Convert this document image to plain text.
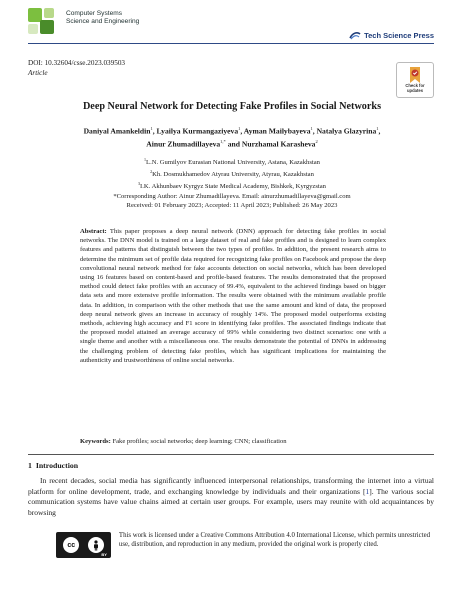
Computer Systems
Science and Engineering
Tech Science Press
DOI: 10.32604/csse.2023.039503
Article
Check for
updates
Deep Neural Network for Detecting Fake Profiles in Social Networks
Daniyal Amankeldin$^1$, Lyailya Kurmangaziyeva$^1$, Ayman Mailybayeva$^1$, Natalya Glazyrina$^1$,
Ainur Zhumadillayeva$^{1,*}$ and Nurzhamal Karasheva$^2$
$^1$L.N. Gumilyov Eurasian National University, Astana, Kazakhstan
$^2$Kh. Dosmukhamedov Atyrau University, Atyrau, Kazakhstan
$^3$I.K. Akhunbaev Kyrgyz State Medical Academy, Bishkek, Kyrgyzstan
*Corresponding Author: Ainur Zhumadillayeva. Email: ainurzhumadillayeva@gmail.com
Received: 01 February 2023; Accepted: 11 April 2023; Published: 26 May 2023
Abstract: This paper proposes a deep neural network (DNN) approach for detecting fake profiles in social networks. The DNN model is trained on a large dataset of real and fake profiles and is designed to learn complex features and patterns that distinguish between the two types of profiles. In addition, the present research aims to determine the minimum set of profile data required for recognizing fake profiles on Facebook and propose the deep convolutional neural network method for fake accounts detection on social networks, which has been developed using 16 features based on content-based and profile-based features. The results demonstrated that the proposed method could detect fake profiles with an accuracy of 99.4%, equivalent to the achieved findings based on bigger data sets and more extensive profile information. The results were obtained with the minimum available profile data. In addition, in comparison with the other methods that use the same amount and kind of data, the proposed deep neural network gives an increase in accuracy of roughly 14%. The proposed model outperforms existing methods, achieving high accuracy and F1 score in identifying fake profiles. The associated findings indicate that the proposed model attained an average accuracy of 99% while considering two distinct scenarios: one with a single theme and another with a miscellaneous one. The results demonstrate the potential of DNNs in addressing the challenging problem of detecting fake profiles, which has significant implications for maintaining the authenticity and trustworthiness of online social networks.
Keywords: Fake profiles; social networks; deep learning; CNN; classification
1 Introduction
In recent decades, social media has significantly influenced interpersonal relationships, transforming the internet into a virtual platform for online development, trade, and exchanging knowledge by individuals and their organizations [1]. The various social communication systems have value chains aimed at certain user groups. For example, users may reunite with old acquaintances by browsing
cc
BY
This work is licensed under a Creative Commons Attribution 4.0 International License, which permits unrestricted use, distribution, and reproduction in any medium, provided the original work is properly cited.
